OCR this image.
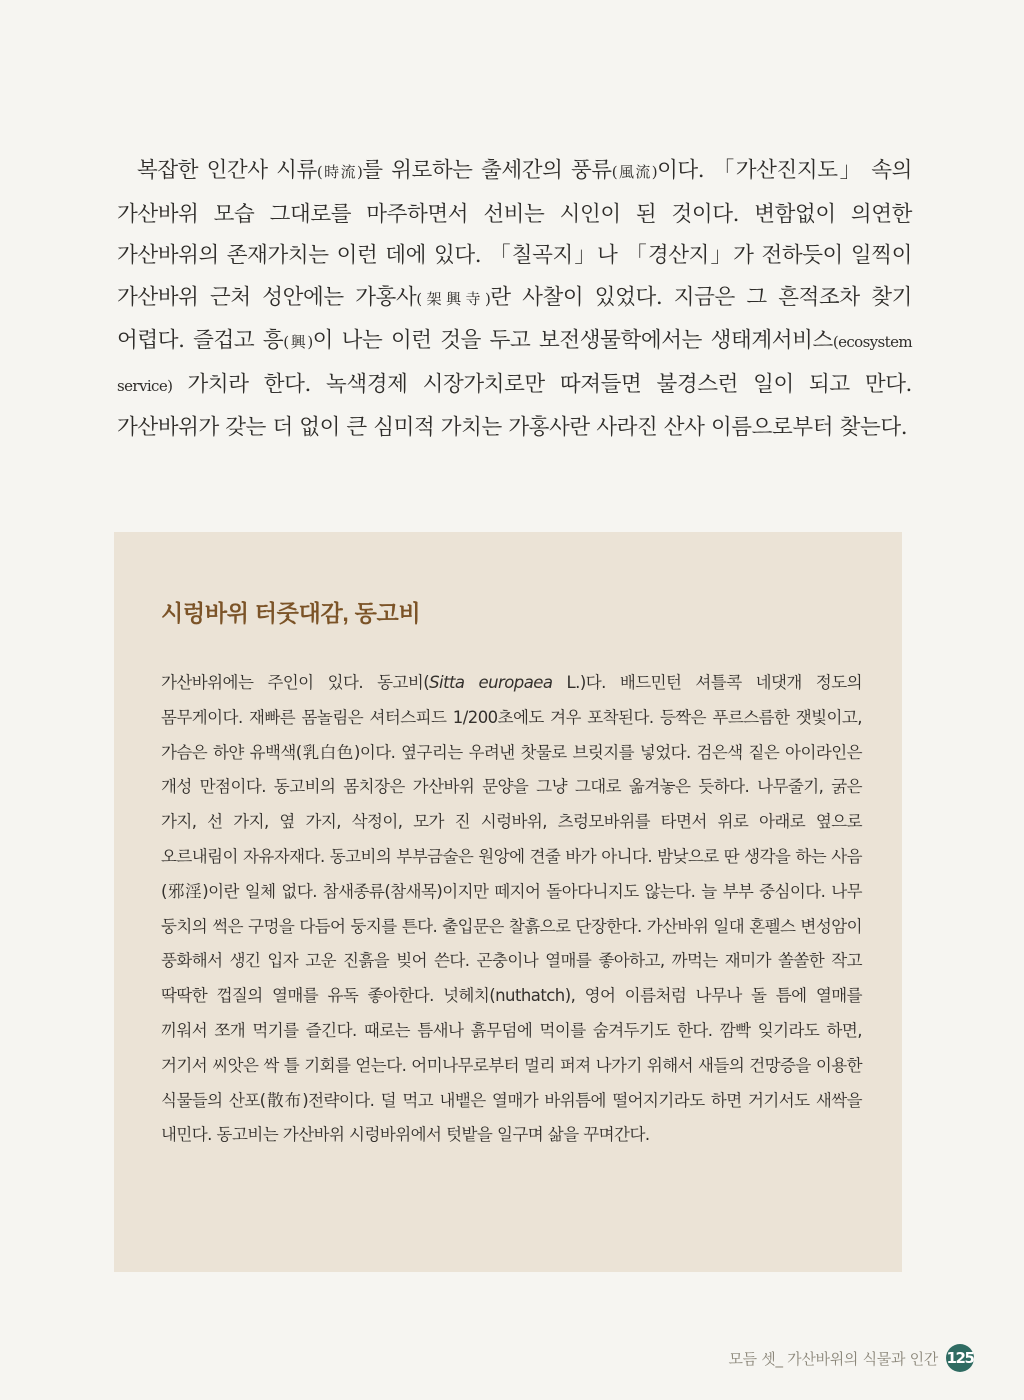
복잡한 인간사 시류(時流)를 위로하는 출세간의 풍류(風流)이다. 「가산진지도」 속의 가산바위 모습 그대로를 마주하면서 선비는 시인이 된 것이다. 변함없이 의연한 가산바위의 존재가치는 이런 데에 있다. 「칠곡지」나 「경산지」가 전하듯이 일찍이 가산바위 근처 성안에는 가홍사(架興寺)란 사찰이 있었다. 지금은 그 흔적조차 찾기 어렵다. 즐겁고 흥(興)이 나는 이런 것을 두고 보전생물학에서는 생태계서비스(ecosystem service) 가치라 한다. 녹색경제 시장가치로만 따져들면 불경스런 일이 되고 만다. 가산바위가 갖는 더 없이 큰 심미적 가치는 가홍사란 사라진 산사 이름으로부터 찾는다.

시렁바위 터줏대감, 동고비

가산바위에는 주인이 있다. 동고비(Sitta europaea L.)다. 배드민턴 셔틀콕 네댓개 정도의 몸무게이다. 재빠른 몸놀림은 셔터스피드 1/200초에도 겨우 포착된다. 등짝은 푸르스름한 잿빛이고, 가슴은 하얀 유백색(乳白色)이다. 옆구리는 우려낸 찻물로 브릿지를 넣었다. 검은색 짙은 아이라인은 개성 만점이다. 동고비의 몸치장은 가산바위 문양을 그냥 그대로 옮겨놓은 듯하다. 나무줄기, 굵은 가지, 선 가지, 옆 가지, 삭정이, 모가 진 시렁바위, 츠렁모바위를 타면서 위로 아래로 옆으로 오르내림이 자유자재다. 동고비의 부부금술은 원앙에 견줄 바가 아니다. 밤낮으로 딴 생각을 하는 사음(邪淫)이란 일체 없다. 참새종류(참새목)이지만 떼지어 돌아다니지도 않는다. 늘 부부 중심이다. 나무 둥치의 썩은 구멍을 다듬어 둥지를 튼다. 출입문은 찰흙으로 단장한다. 가산바위 일대 혼펠스 변성암이 풍화해서 생긴 입자 고운 진흙을 빚어 쓴다. 곤충이나 열매를 좋아하고, 까먹는 재미가 쏠쏠한 작고 딱딱한 껍질의 열매를 유독 좋아한다. 넛헤치(nuthatch), 영어 이름처럼 나무나 돌 틈에 열매를 끼워서 쪼개 먹기를 즐긴다. 때로는 틈새나 흙무덤에 먹이를 숨겨두기도 한다. 깜빡 잊기라도 하면, 거기서 씨앗은 싹 틀 기회를 얻는다. 어미나무로부터 멀리 퍼져 나가기 위해서 새들의 건망증을 이용한 식물들의 산포(散布)전략이다. 덜 먹고 내뱉은 열매가 바위틈에 떨어지기라도 하면 거기서도 새싹을 내민다. 동고비는 가산바위 시렁바위에서 텃밭을 일구며 삶을 꾸며간다.

모듬 셋_ 가산바위의 식물과 인간 125
